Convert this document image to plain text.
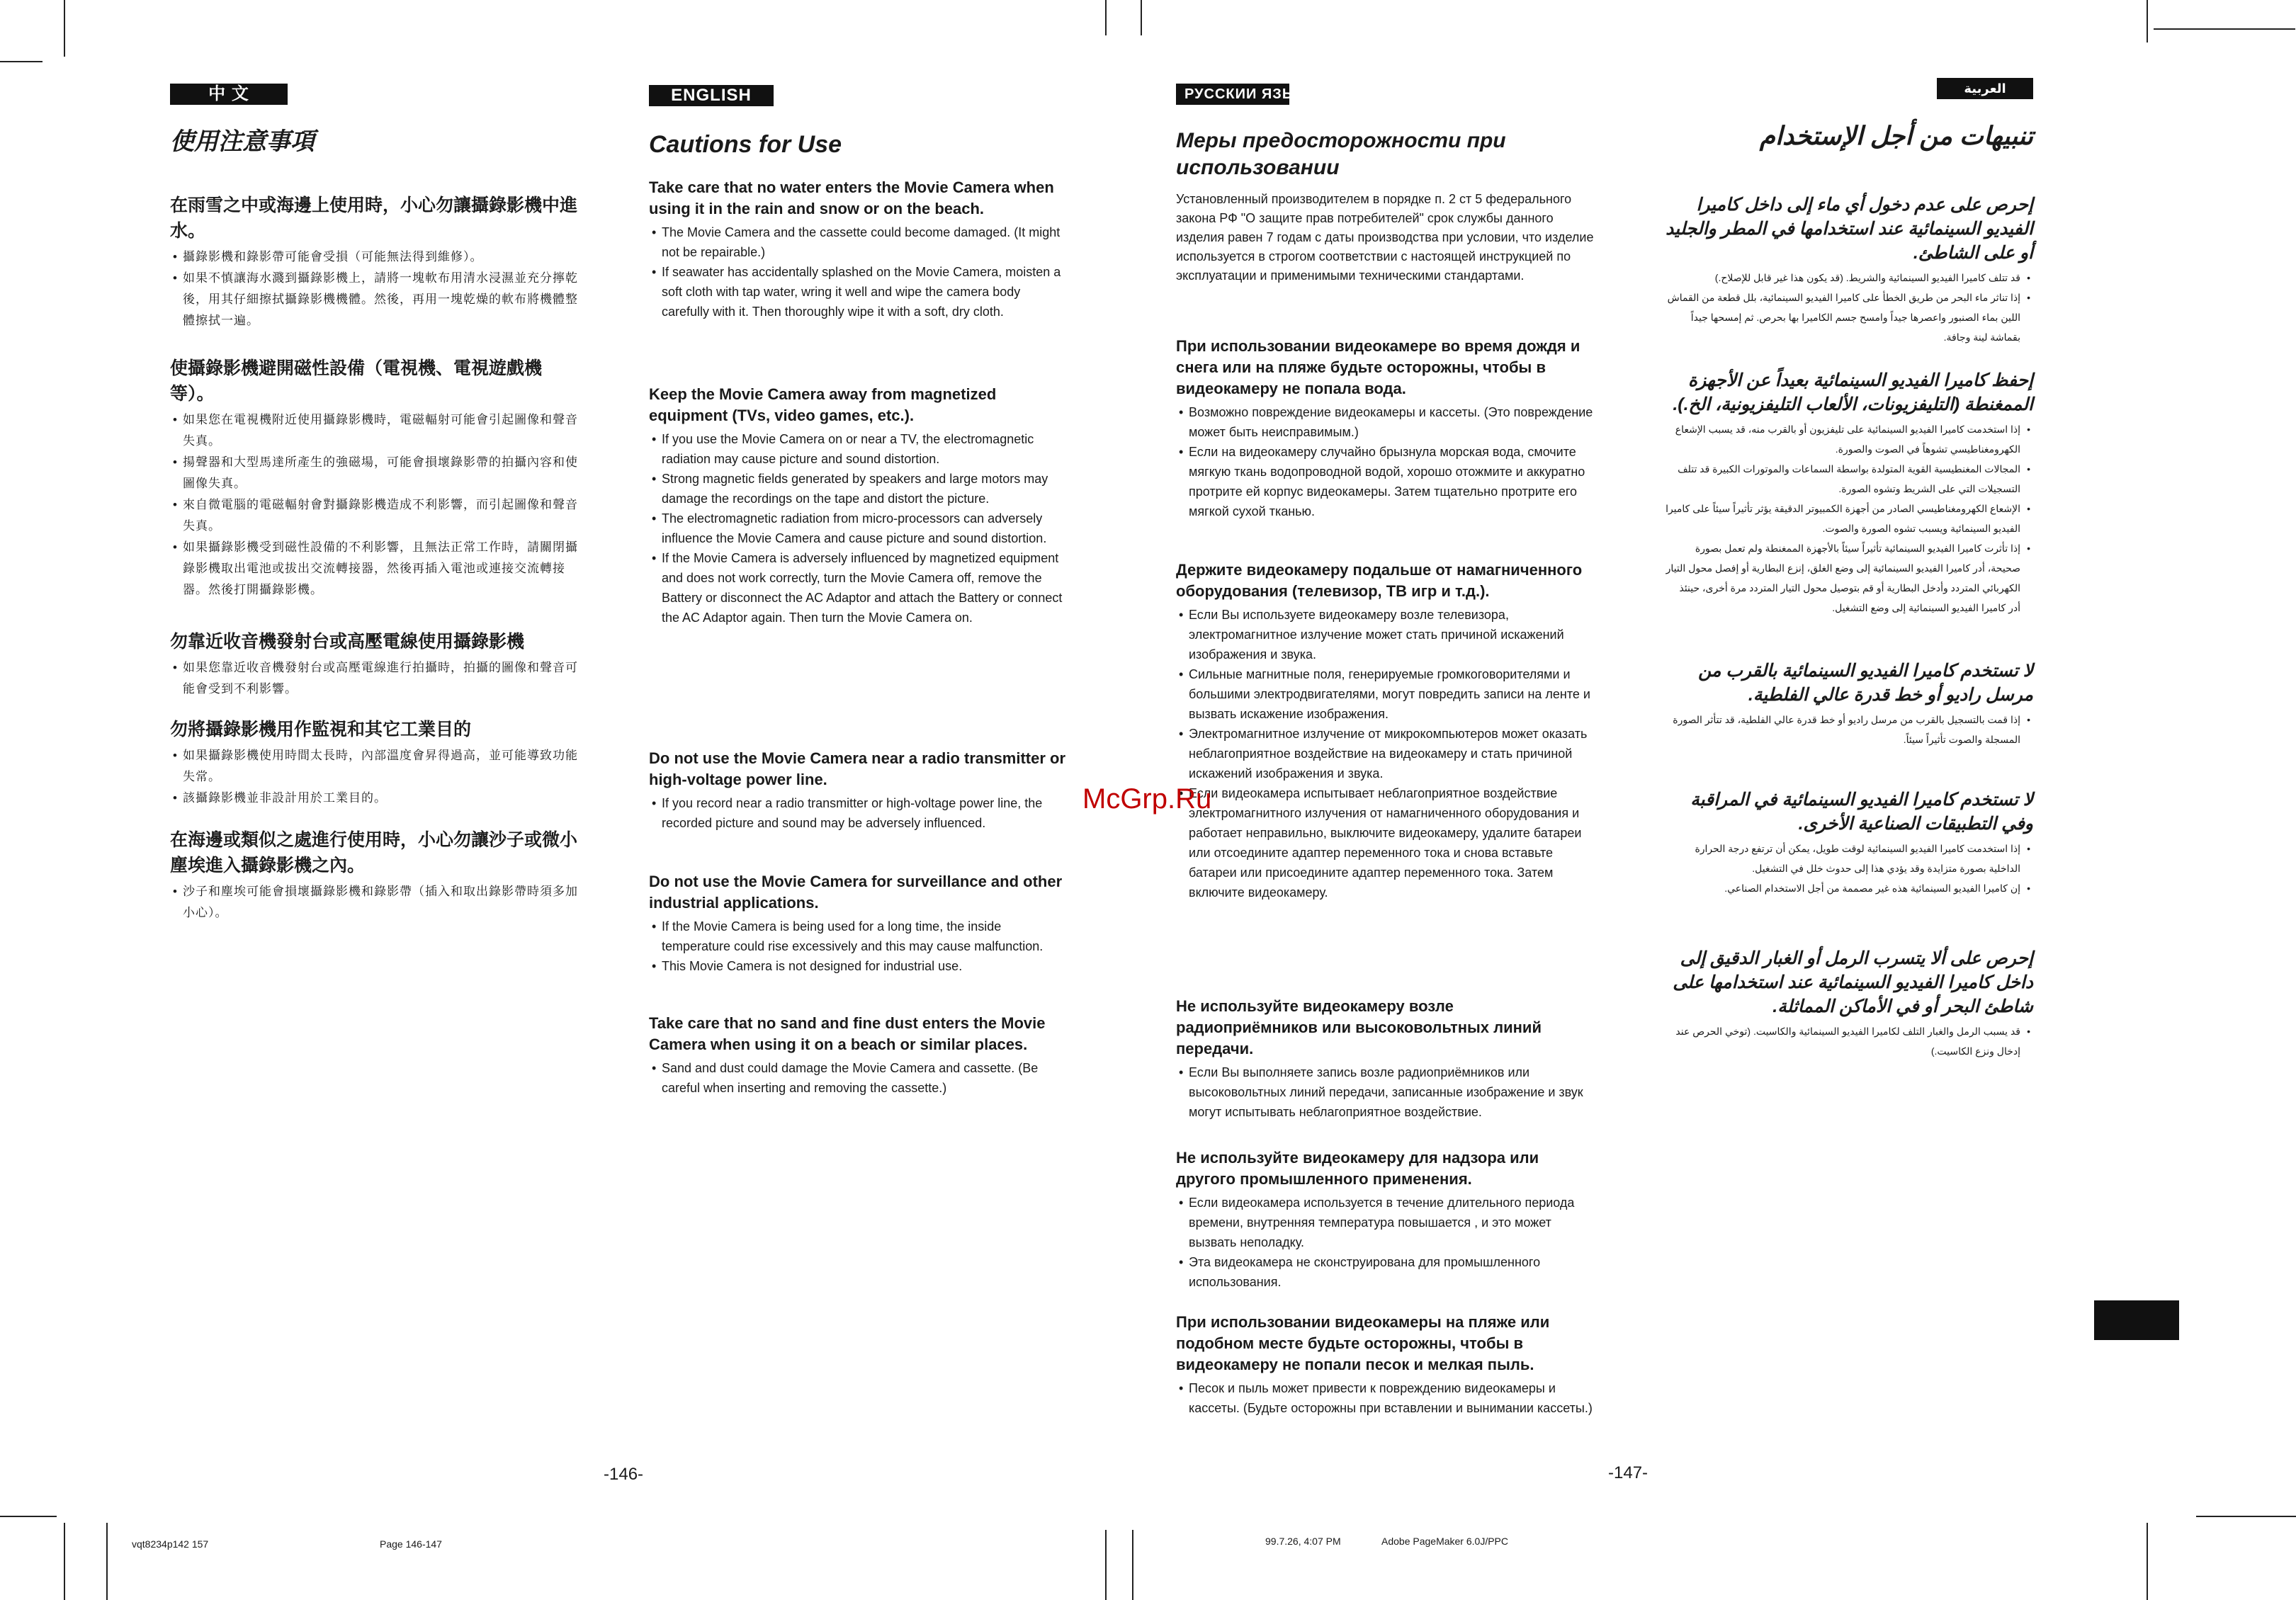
中 文
使用注意事項

在雨雪之中或海邊上使用時，小心勿讓攝錄影機中進水。

• 攝錄影機和錄影帶可能會受損（可能無法得到維修）。
• 如果不慎讓海水濺到攝錄影機上，請將一塊軟布用清水浸濕並充分擰乾後，用其仔細擦拭攝錄影機機體。然後，再用一塊乾燥的軟布將機體整體擦拭一遍。

使攝錄影機避開磁性設備（電視機、電視遊戲機等）。

• 如果您在電視機附近使用攝錄影機時，電磁輻射可能會引起圖像和聲音失真。
• 揚聲器和大型馬達所產生的強磁場，可能會損壞錄影帶的拍攝內容和使圖像失真。
• 來自微電腦的電磁輻射會對攝錄影機造成不利影響，而引起圖像和聲音失真。
• 如果攝錄影機受到磁性設備的不利影響，且無法正常工作時，請關閉攝錄影機取出電池或拔出交流轉接器，然後再插入電池或連接交流轉接器。然後打開攝錄影機。

勿靠近收音機發射台或高壓電線使用攝錄影機

• 如果您靠近收音機發射台或高壓電線進行拍攝時，拍攝的圖像和聲音可能會受到不利影響。

勿將攝錄影機用作監視和其它工業目的

• 如果攝錄影機使用時間太長時，內部溫度會昇得過高，並可能導致功能失常。
• 該攝錄影機並非設計用於工業目的。

在海邊或類似之處進行使用時，小心勿讓沙子或微小塵埃進入攝錄影機之內。

• 沙子和塵埃可能會損壞攝錄影機和錄影帶（插入和取出錄影帶時須多加小心）。
ENGLISH
Cautions for Use

Take care that no water enters the Movie Camera when using it in the rain and snow or on the beach.

• The Movie Camera and the cassette could become damaged. (It might not be repairable.)
• If seawater has accidentally splashed on the Movie Camera, moisten a soft cloth with tap water, wring it well and wipe the camera body carefully with it. Then thoroughly wipe it with a soft, dry cloth.

Keep the Movie Camera away from magnetized equipment (TVs, video games, etc.).

• If you use the Movie Camera on or near a TV, the electromagnetic radiation may cause picture and sound distortion.
• Strong magnetic fields generated by speakers and large motors may damage the recordings on the tape and distort the picture.
• The electromagnetic radiation from micro-processors can adversely influence the Movie Camera and cause picture and sound distortion.
• If the Movie Camera is adversely influenced by magnetized equipment and does not work correctly, turn the Movie Camera off, remove the Battery or disconnect the AC Adaptor and attach the Battery or connect the AC Adaptor again. Then turn the Movie Camera on.

Do not use the Movie Camera near a radio transmitter or high-voltage power line.

• If you record near a radio transmitter or high-voltage power line, the recorded picture and sound may be adversely influenced.

Do not use the Movie Camera for surveillance and other industrial applications.

• If the Movie Camera is being used for a long time, the inside temperature could rise excessively and this may cause malfunction.
• This Movie Camera is not designed for industrial use.

Take care that no sand and fine dust enters the Movie Camera when using it on a beach or similar places.

• Sand and dust could damage the Movie Camera and cassette. (Be careful when inserting and removing the cassette.)
РУССКИИ ЯЗЫК
Меры предосторожности при использовании

Установленный производителем в порядке п. 2 ст 5 федерального закона РФ "О защите прав потребителей" срок службы данного изделия равен 7 годам с даты производства при условии, что изделие используется в строгом соответствии с настоящей инструкцией по эксплуатации и применимыми техническими стандартами.

При использовании видеокамере во время дождя и снега или на пляже будьте осторожны, чтобы в видеокамеру не попала вода.

• Возможно повреждение видеокамеры и кассеты. (Это повреждение может быть неисправимым.)
• Если на видеокамеру случайно брызнула морская вода, смочите мягкую ткань водопроводной водой, хорошо отожмите и аккуратно протрите ей корпус видеокамеры. Затем тщательно протрите его мягкой сухой тканью.

Держите видеокамеру подальше от намагниченного оборудования (телевизор, ТВ игр и т.д.).

• Если Вы используете видеокамеру возле телевизора, электромагнитное излучение может стать причиной искажений изображения и звука.
• Сильные магнитные поля, генерируемые громкоговорителями и большими электродвигателями, могут повредить записи на ленте и вызвать искажение изображения.
• Электромагнитное излучение от микрокомпьютеров может оказать неблагоприятное воздействие на видеокамеру и стать причиной искажений изображения и звука.
• Если видеокамера испытывает неблагоприятное воздействие электромагнитного излучения от намагниченного оборудования и работает неправильно, выключите видеокамеру, удалите батареи или отсоедините адаптер переменного тока и снова вставьте батареи или присоедините адаптер переменного тока. Затем включите видеокамеру.

Не используйте видеокамеру возле радиоприёмников или высоковольтных линий передачи.

• Если Вы выполняете запись возле радиоприёмников или высоковольтных линий передачи, записанные изображение и звук могут испытывать неблагоприятное воздействие.

Не используйте видеокамеру для надзора или другого промышленного применения.

• Если видеокамера используется в течение длительного периода времени, внутренняя температура повышается , и это может вызвать неполадку.
• Эта видеокамера не сконструирована для промышленного использования.

При использовании видеокамеры на пляже или подобном месте будьте осторожны, чтобы в видеокамеру не попали песок и мелкая пыль.

• Песок и пыль может привести к повреждению видеокамеры и кассеты. (Будьте осторожны при вставлении и вынимании кассеты.)
العربية
تنبيهات من أجل الإستخدام

إحرص على عدم دخول أي ماء إلى داخل كاميرا الفيديو السينمائية عند استخدامها في المطر والجليد أو على الشاطئ.

• قد تتلف كاميرا الفيديو السينمائية والشريط. (قد يكون هذا غير قابل للإصلاح.)
• إذا تناثر ماء البحر من طريق الخطأ على كاميرا الفيديو السينمائية، بلل قطعة من القماش اللين بماء الصنبور واعصرها جيداً وامسح جسم الكاميرا بها بحرص. ثم إمسحها جيداً بقماشة لينة وجافة.

إحفظ كاميرا الفيديو السينمائية بعيداً عن الأجهزة الممغنطة (التليفزيونات، الألعاب التليفزيونية، الخ.).

• إذا استخدمت كاميرا الفيديو السينمائية على تليفزيون أو بالقرب منه، قد يسبب الإشعاع الكهرومغناطيسي تشوهاً في الصوت والصورة.
• المجالات المغنطيسية القوية المتولدة بواسطة السماعات والموتورات الكبيرة قد تتلف التسجيلات التي على الشريط وتشوه الصورة.
• الإشعاع الكهرومغناطيسي الصادر من أجهزة الكمبيوتر الدقيقة يؤثر تأثيراً سيئاً على كاميرا الفيديو السينمائية ويسبب تشوه الصورة والصوت.
• إذا تأثرت كاميرا الفيديو السينمائية تأثيراً سيئاً بالأجهزة الممغنطة ولم تعمل بصورة صحيحة، أدر كاميرا الفيديو السينمائية إلى وضع الغلق، إنزع البطارية أو إفصل محول التيار الكهربائي المتردد وأدخل البطارية أو قم بتوصيل محول التيار المتردد مرة أخرى، حينئذ أدر كاميرا الفيديو السينمائية إلى وضع التشغيل.

لا تستخدم كاميرا الفيديو السينمائية بالقرب من مرسل راديو أو خط قدرة عالي الفلطية.

• إذا قمت بالتسجيل بالقرب من مرسل راديو أو خط قدرة عالي الفلطية، قد تتأثر الصورة المسجلة والصوت تأثيراً سيئاً.

لا تستخدم كاميرا الفيديو السينمائية في المراقبة وفي التطبيقات الصناعية الأخرى.

• إذا استخدمت كاميرا الفيديو السينمائية لوقت طويل، يمكن أن ترتفع درجة الحرارة الداخلية بصورة متزايدة وقد يؤدي هذا إلى حدوث خلل في التشغيل.
• إن كاميرا الفيديو السينمائية هذه غير مصممة من أجل الاستخدام الصناعي.

إحرص على ألا يتسرب الرمل أو الغبار الدقيق إلى داخل كاميرا الفيديو السينمائية عند استخدامها على شاطئ البحر أو في الأماكن المماثلة.

• قد يسبب الرمل والغبار التلف لكاميرا الفيديو السينمائية والكاسيت. (توخي الحرص عند إدخال ونزع الكاسيت.)
McGrp.Ru
-146-	-147-
vqt8234p142 157	Page 146-147	99.7.26, 4:07 PM	Adobe PageMaker 6.0J/PPC
